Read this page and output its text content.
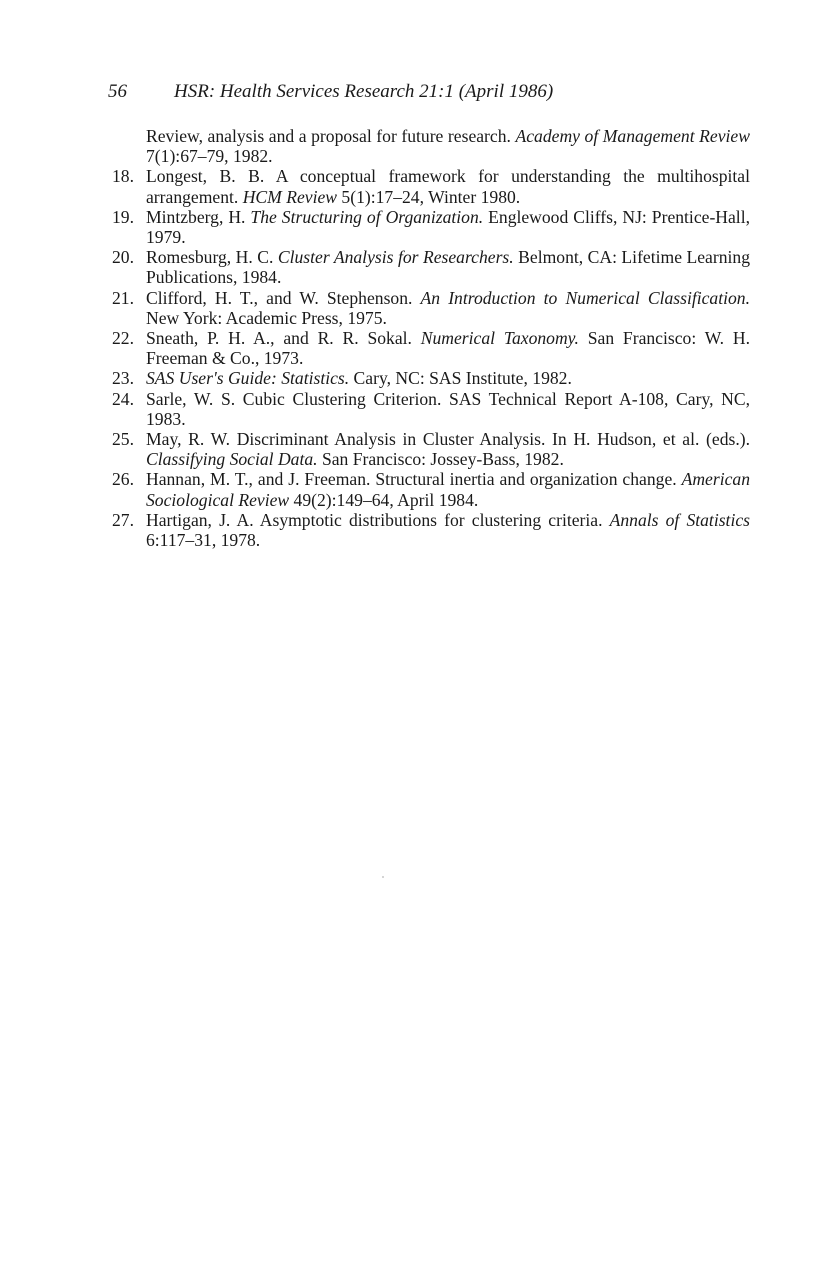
56 HSR: Health Services Research 21:1 (April 1986)

Review, analysis and a proposal for future research. Academy of Management Review 7(1):67–79, 1982.

18. Longest, B. B. A conceptual framework for understanding the multihospital arrangement. HCM Review 5(1):17–24, Winter 1980.

19. Mintzberg, H. The Structuring of Organization. Englewood Cliffs, NJ: Prentice-Hall, 1979.

20. Romesburg, H. C. Cluster Analysis for Researchers. Belmont, CA: Lifetime Learning Publications, 1984.

21. Clifford, H. T., and W. Stephenson. An Introduction to Numerical Classification. New York: Academic Press, 1975.

22. Sneath, P. H. A., and R. R. Sokal. Numerical Taxonomy. San Francisco: W. H. Freeman & Co., 1973.

23. SAS User's Guide: Statistics. Cary, NC: SAS Institute, 1982.

24. Sarle, W. S. Cubic Clustering Criterion. SAS Technical Report A-108, Cary, NC, 1983.

25. May, R. W. Discriminant Analysis in Cluster Analysis. In H. Hudson, et al. (eds.). Classifying Social Data. San Francisco: Jossey-Bass, 1982.

26. Hannan, M. T., and J. Freeman. Structural inertia and organization change. American Sociological Review 49(2):149–64, April 1984.

27. Hartigan, J. A. Asymptotic distributions for clustering criteria. Annals of Statistics 6:117–31, 1978.
